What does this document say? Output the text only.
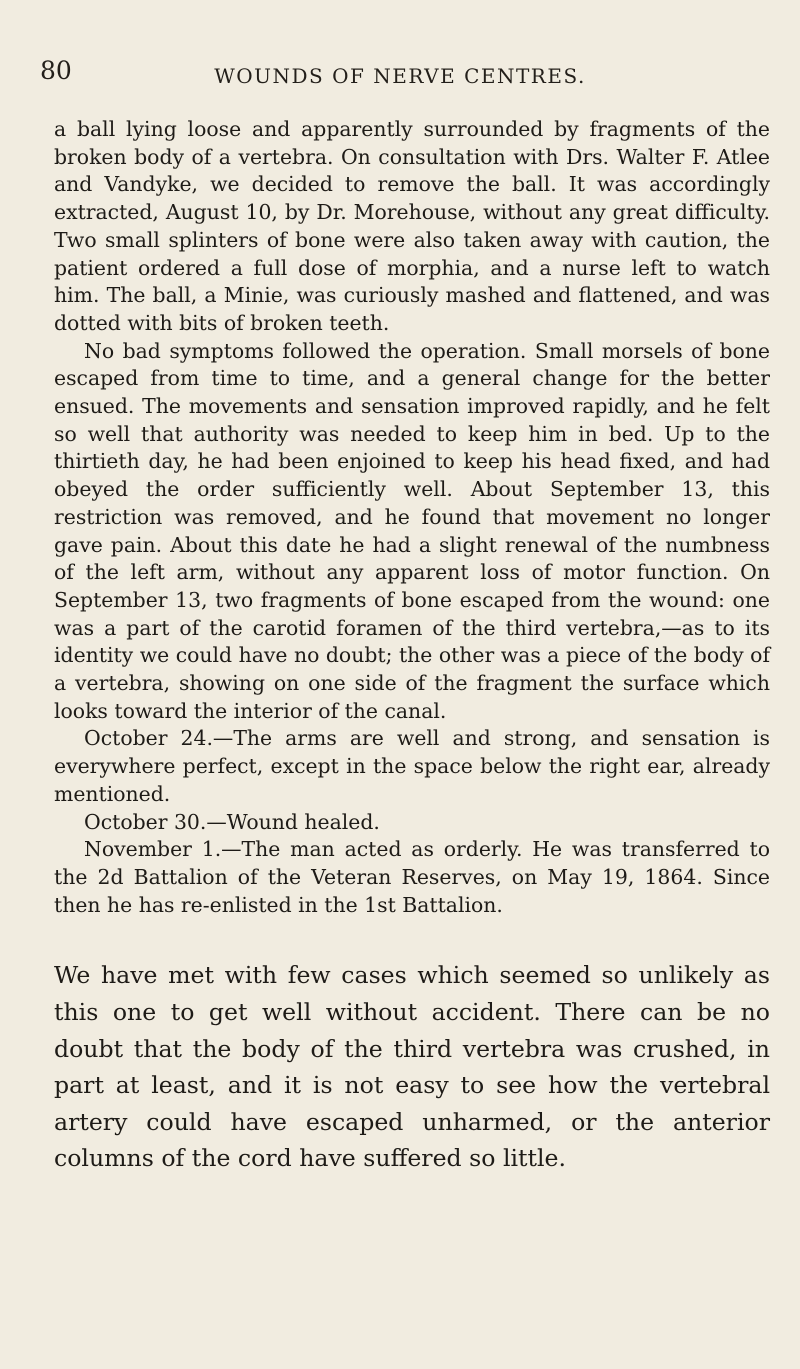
80	WOUNDS OF NERVE CENTRES.

a ball lying loose and apparently surrounded by fragments of the broken body of a vertebra. On consultation with Drs. Walter F. Atlee and Vandyke, we decided to remove the ball. It was accordingly extracted, August 10, by Dr. Morehouse, without any great difficulty. Two small splinters of bone were also taken away with caution, the patient ordered a full dose of morphia, and a nurse left to watch him. The ball, a Minie, was curiously mashed and flattened, and was dotted with bits of broken teeth.

No bad symptoms followed the operation. Small morsels of bone escaped from time to time, and a general change for the better ensued. The movements and sensation improved rapidly, and he felt so well that authority was needed to keep him in bed. Up to the thirtieth day, he had been enjoined to keep his head fixed, and had obeyed the order sufficiently well. About September 13, this restriction was removed, and he found that movement no longer gave pain. About this date he had a slight renewal of the numbness of the left arm, without any apparent loss of motor function. On September 13, two fragments of bone escaped from the wound: one was a part of the carotid foramen of the third vertebra,—as to its identity we could have no doubt; the other was a piece of the body of a vertebra, showing on one side of the fragment the surface which looks toward the interior of the canal.

October 24.—The arms are well and strong, and sensation is everywhere perfect, except in the space below the right ear, already mentioned.

October 30.—Wound healed.

November 1.—The man acted as orderly. He was transferred to the 2d Battalion of the Veteran Reserves, on May 19, 1864. Since then he has re-enlisted in the 1st Battalion.

We have met with few cases which seemed so unlikely as this one to get well without accident. There can be no doubt that the body of the third vertebra was crushed, in part at least, and it is not easy to see how the vertebral artery could have escaped unharmed, or the anterior columns of the cord have suffered so little.
